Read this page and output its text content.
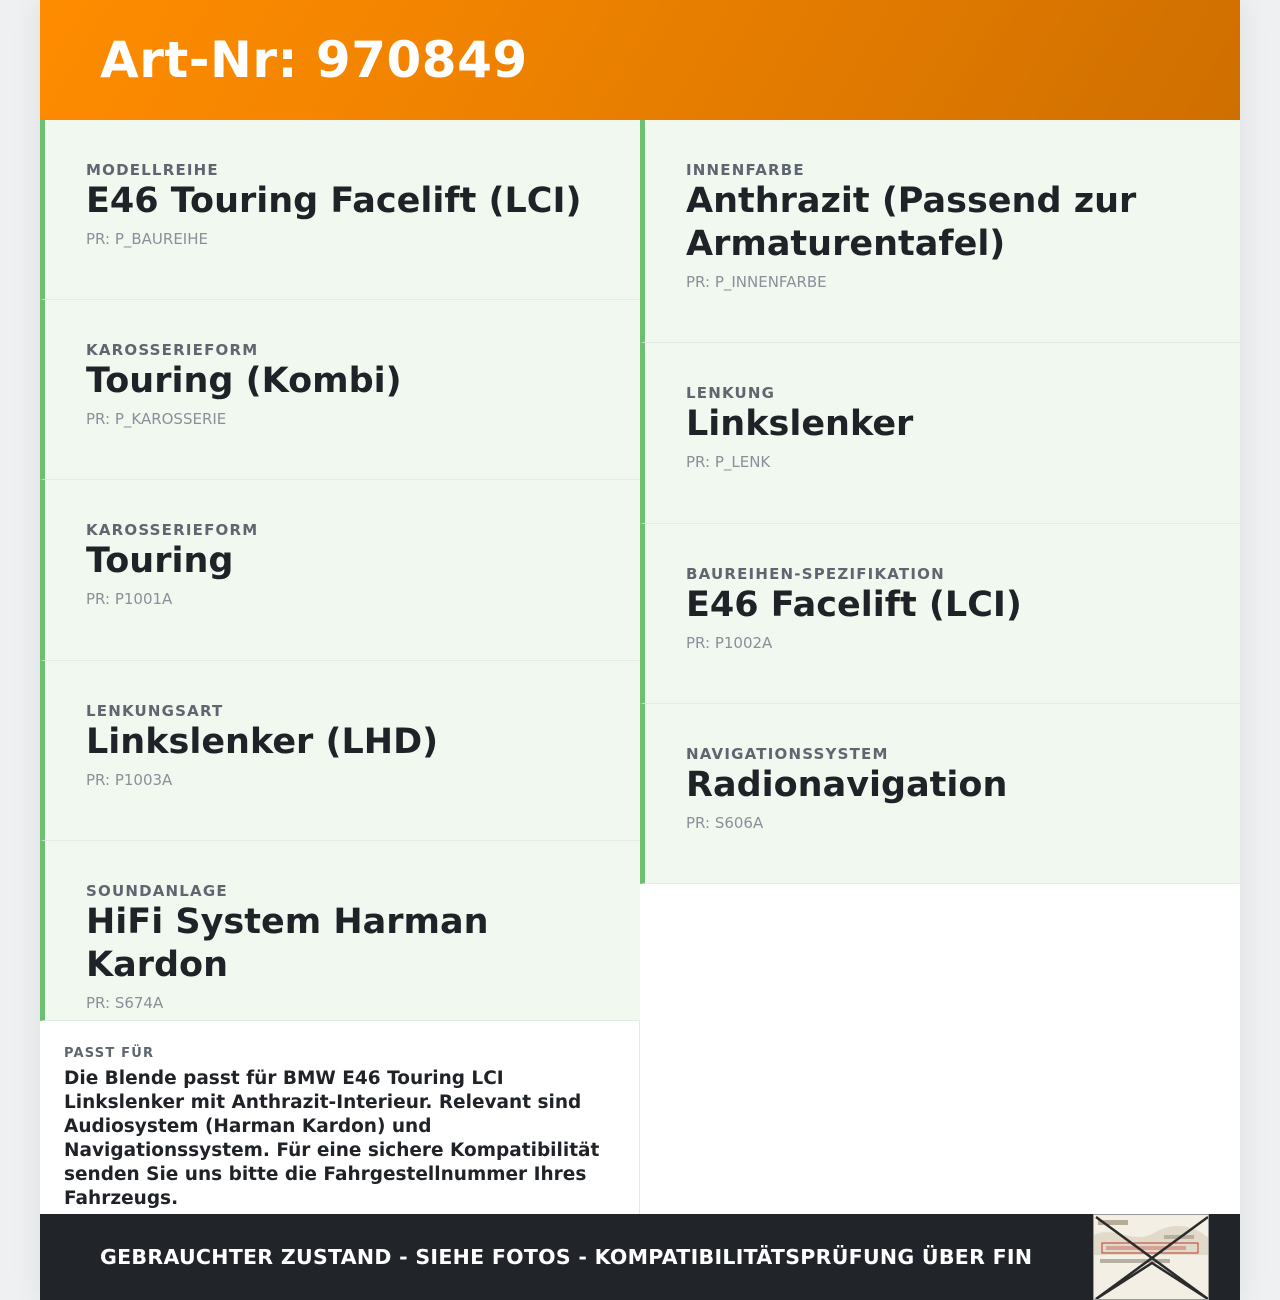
Art-Nr: 970849
MODELLREIHE
E46 Touring Facelift (LCI)
PR: P_BAUREIHE
KAROSSERIEFORM
Touring (Kombi)
PR: P_KAROSSERIE
KAROSSERIEFORM
Touring
PR: P1001A
LENKUNGSART
Linkslenker (LHD)
PR: P1003A
SOUNDANLAGE
HiFi System Harman Kardon
PR: S674A
INNENFARBE
Anthrazit (Passend zur Armaturentafel)
PR: P_INNENFARBE
LENKUNG
Linkslenker
PR: P_LENK
BAUREIHEN-SPEZIFIKATION
E46 Facelift (LCI)
PR: P1002A
NAVIGATIONSSYSTEM
Radionavigation
PR: S606A
PASST FÜR
Die Blende passt für BMW E46 Touring LCI Linkslenker mit Anthrazit-Interieur. Relevant sind Audiosystem (Harman Kardon) und Navigationssystem. Für eine sichere Kompatibilität senden Sie uns bitte die Fahrgestellnummer Ihres Fahrzeugs.
GEBRAUCHTER ZUSTAND - SIEHE FOTOS - KOMPATIBILITÄTSPRÜFUNG ÜBER FIN
